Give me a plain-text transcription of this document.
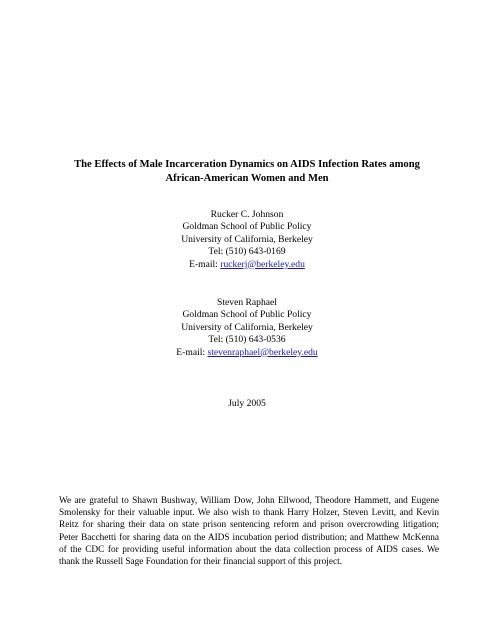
The Effects of Male Incarceration Dynamics on AIDS Infection Rates among
African-American Women and Men
Rucker C. Johnson
Goldman School of Public Policy
University of California, Berkeley
Tel: (510) 643-0169
E-mail: ruckerj@berkeley.edu
Steven Raphael
Goldman School of Public Policy
University of California, Berkeley
Tel: (510) 643-0536
E-mail: stevenraphael@berkeley.edu
July 2005
We are grateful to Shawn Bushway, William Dow, John Ellwood, Theodore Hammett, and Eugene Smolensky for their valuable input. We also wish to thank Harry Holzer, Steven Levitt, and Kevin Reitz for sharing their data on state prison sentencing reform and prison overcrowding litigation; Peter Bacchetti for sharing data on the AIDS incubation period distribution; and Matthew McKenna of the CDC for providing useful information about the data collection process of AIDS cases. We thank the Russell Sage Foundation for their financial support of this project.
